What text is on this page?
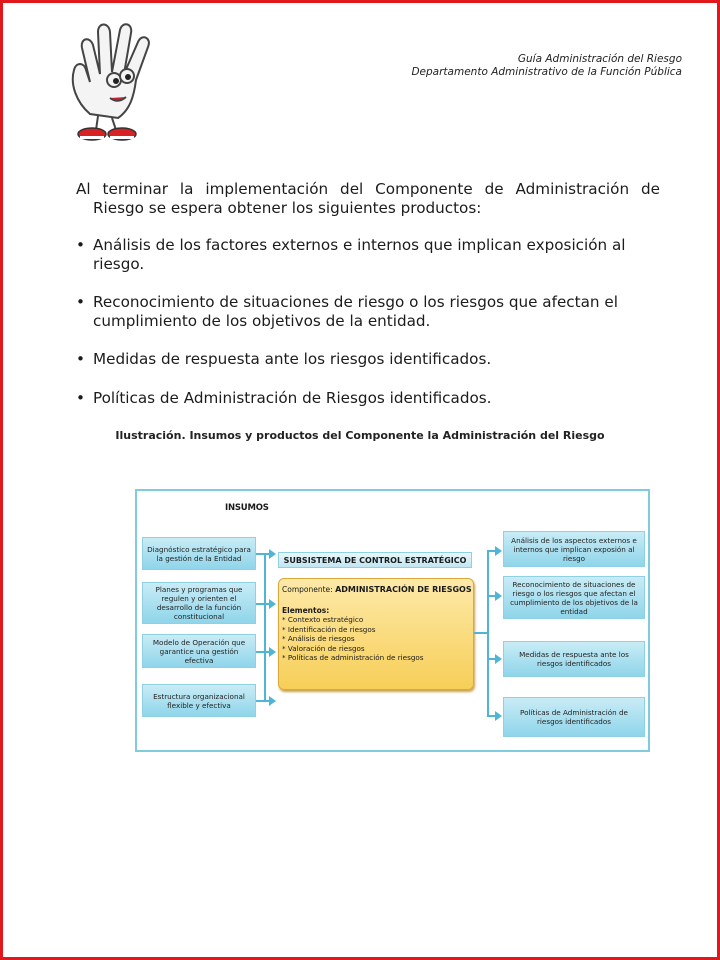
Guía Administración del Riesgo
Departamento Administrativo de la Función Pública
Al terminar la implementación del Componente de Administración de
Riesgo se espera obtener los siguientes productos:
• Análisis de los factores externos e internos que implican exposición al riesgo.
• Reconocimiento de situaciones de riesgo o los riesgos que afectan el cumplimiento de los objetivos de la entidad.
• Medidas de respuesta ante los riesgos identificados.
• Políticas de Administración de Riesgos identificados.
Ilustración. Insumos y productos del Componente la Administración del Riesgo
INSUMOS
Diagnóstico estratégico para la gestión de la Entidad
Planes y programas que regulen y orienten el desarrollo de la función constitucional
Modelo de Operación que garantice una gestión efectiva
Estructura organizacional flexible y efectiva
SUBSISTEMA DE CONTROL ESTRATÉGICO
Componente: ADMINISTRACIÓN DE RIESGOS
Elementos:
* Contexto estratégico
* Identificación de riesgos
* Análisis de riesgos
* Valoración de riesgos
* Políticas de administración de riesgos
Análisis de los aspectos externos e internos que implican exposión al riesgo
Reconocimiento de situaciones de riesgo o los riesgos que afectan el cumplimiento de los objetivos de la entidad
Medidas de respuesta ante los riesgos identificados
Políticas de Administración de riesgos identificados
